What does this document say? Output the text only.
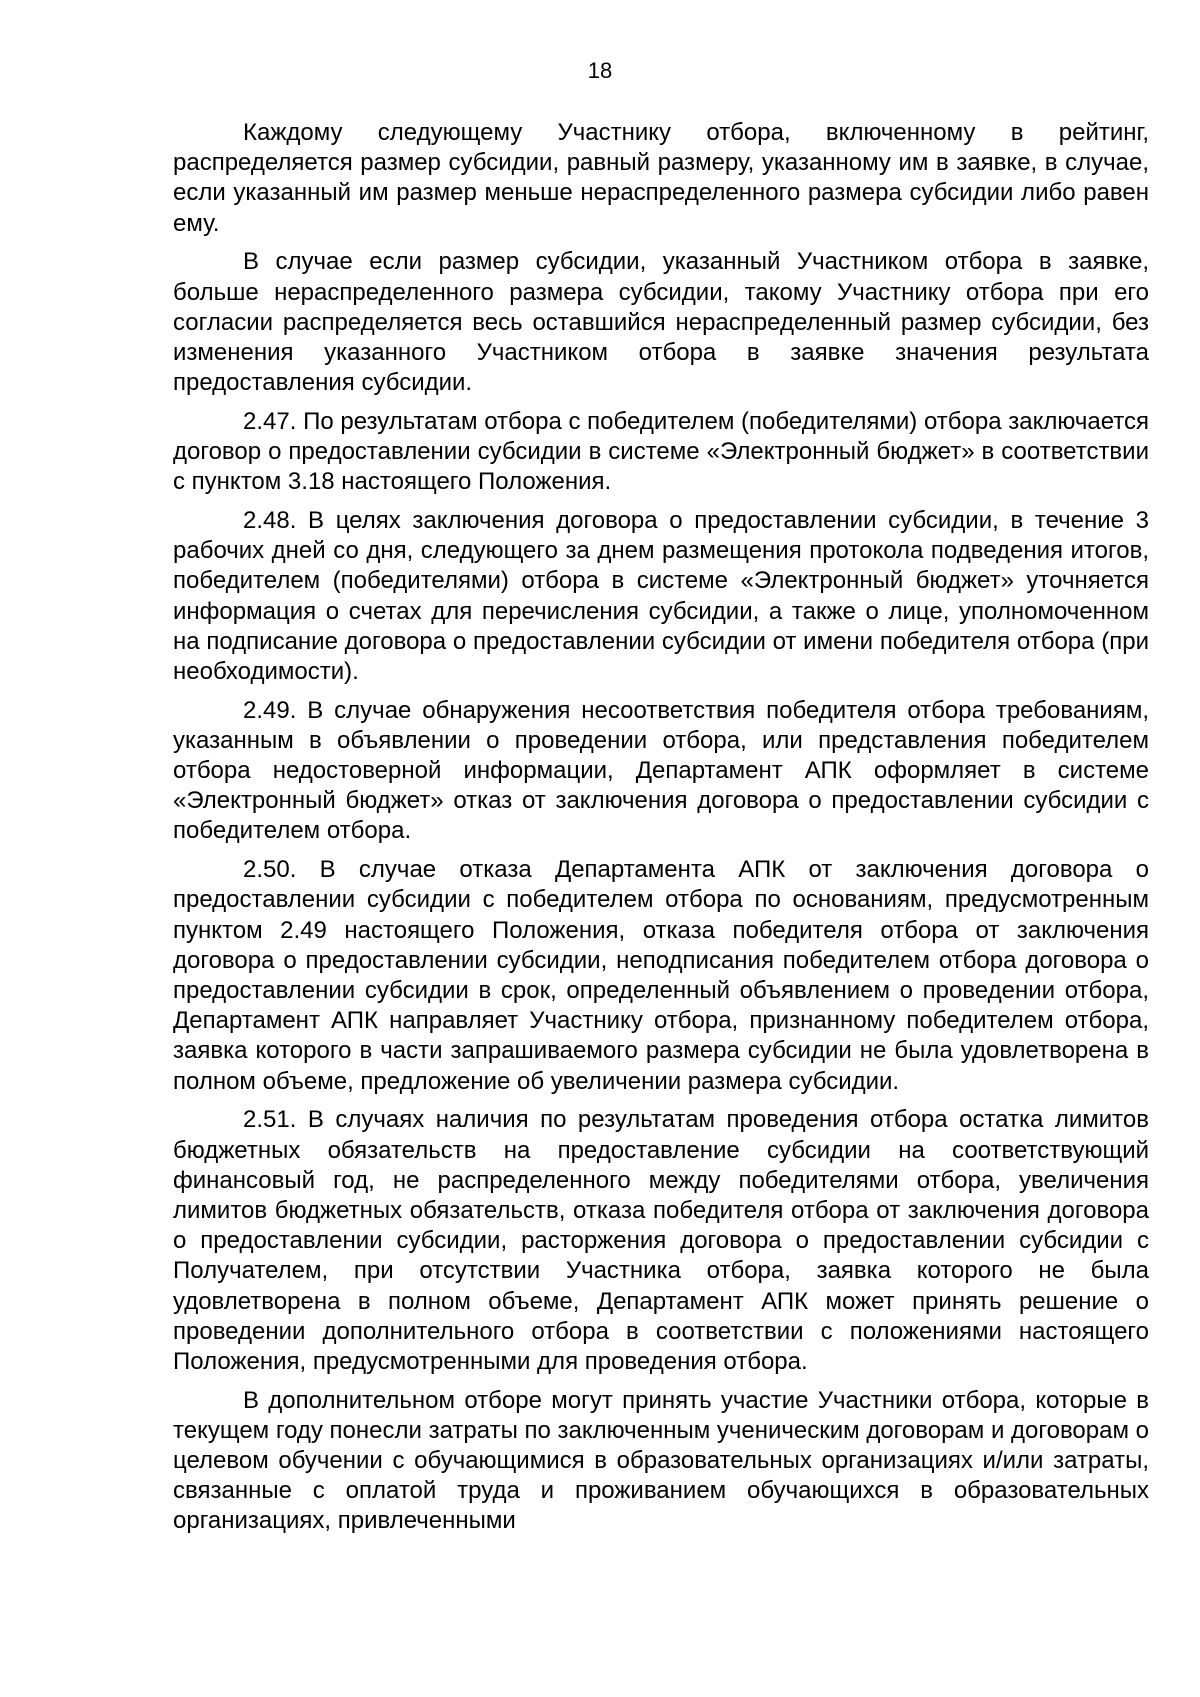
18

Каждому следующему Участнику отбора, включенному в рейтинг, распределяется размер субсидии, равный размеру, указанному им в заявке, в случае, если указанный им размер меньше нераспределенного размера субсидии либо равен ему.

В случае если размер субсидии, указанный Участником отбора в заявке, больше нераспределенного размера субсидии, такому Участнику отбора при его согласии распределяется весь оставшийся нераспределенный размер субсидии, без изменения указанного Участником отбора в заявке значения результата предоставления субсидии.

2.47. По результатам отбора с победителем (победителями) отбора заключается договор о предоставлении субсидии в системе «Электронный бюджет» в соответствии с пунктом 3.18 настоящего Положения.

2.48. В целях заключения договора о предоставлении субсидии, в течение 3 рабочих дней со дня, следующего за днем размещения протокола подведения итогов, победителем (победителями) отбора в системе «Электронный бюджет» уточняется информация о счетах для перечисления субсидии, а также о лице, уполномоченном на подписание договора о предоставлении субсидии от имени победителя отбора (при необходимости).

2.49. В случае обнаружения несоответствия победителя отбора требованиям, указанным в объявлении о проведении отбора, или представления победителем отбора недостоверной информации, Департамент АПК оформляет в системе «Электронный бюджет» отказ от заключения договора о предоставлении субсидии с победителем отбора.

2.50. В случае отказа Департамента АПК от заключения договора о предоставлении субсидии с победителем отбора по основаниям, предусмотренным пунктом 2.49 настоящего Положения, отказа победителя отбора от заключения договора о предоставлении субсидии, неподписания победителем отбора договора о предоставлении субсидии в срок, определенный объявлением о проведении отбора, Департамент АПК направляет Участнику отбора, признанному победителем отбора, заявка которого в части запрашиваемого размера субсидии не была удовлетворена в полном объеме, предложение об увеличении размера субсидии.

2.51. В случаях наличия по результатам проведения отбора остатка лимитов бюджетных обязательств на предоставление субсидии на соответствующий финансовый год, не распределенного между победителями отбора, увеличения лимитов бюджетных обязательств, отказа победителя отбора от заключения договора о предоставлении субсидии, расторжения договора о предоставлении субсидии с Получателем, при отсутствии Участника отбора, заявка которого не была удовлетворена в полном объеме, Департамент АПК может принять решение о проведении дополнительного отбора в соответствии с положениями настоящего Положения, предусмотренными для проведения отбора.

В дополнительном отборе могут принять участие Участники отбора, которые в текущем году понесли затраты по заключенным ученическим договорам и договорам о целевом обучении с обучающимися в образовательных организациях и/или затраты, связанные с оплатой труда и проживанием обучающихся в образовательных организациях, привлеченными
